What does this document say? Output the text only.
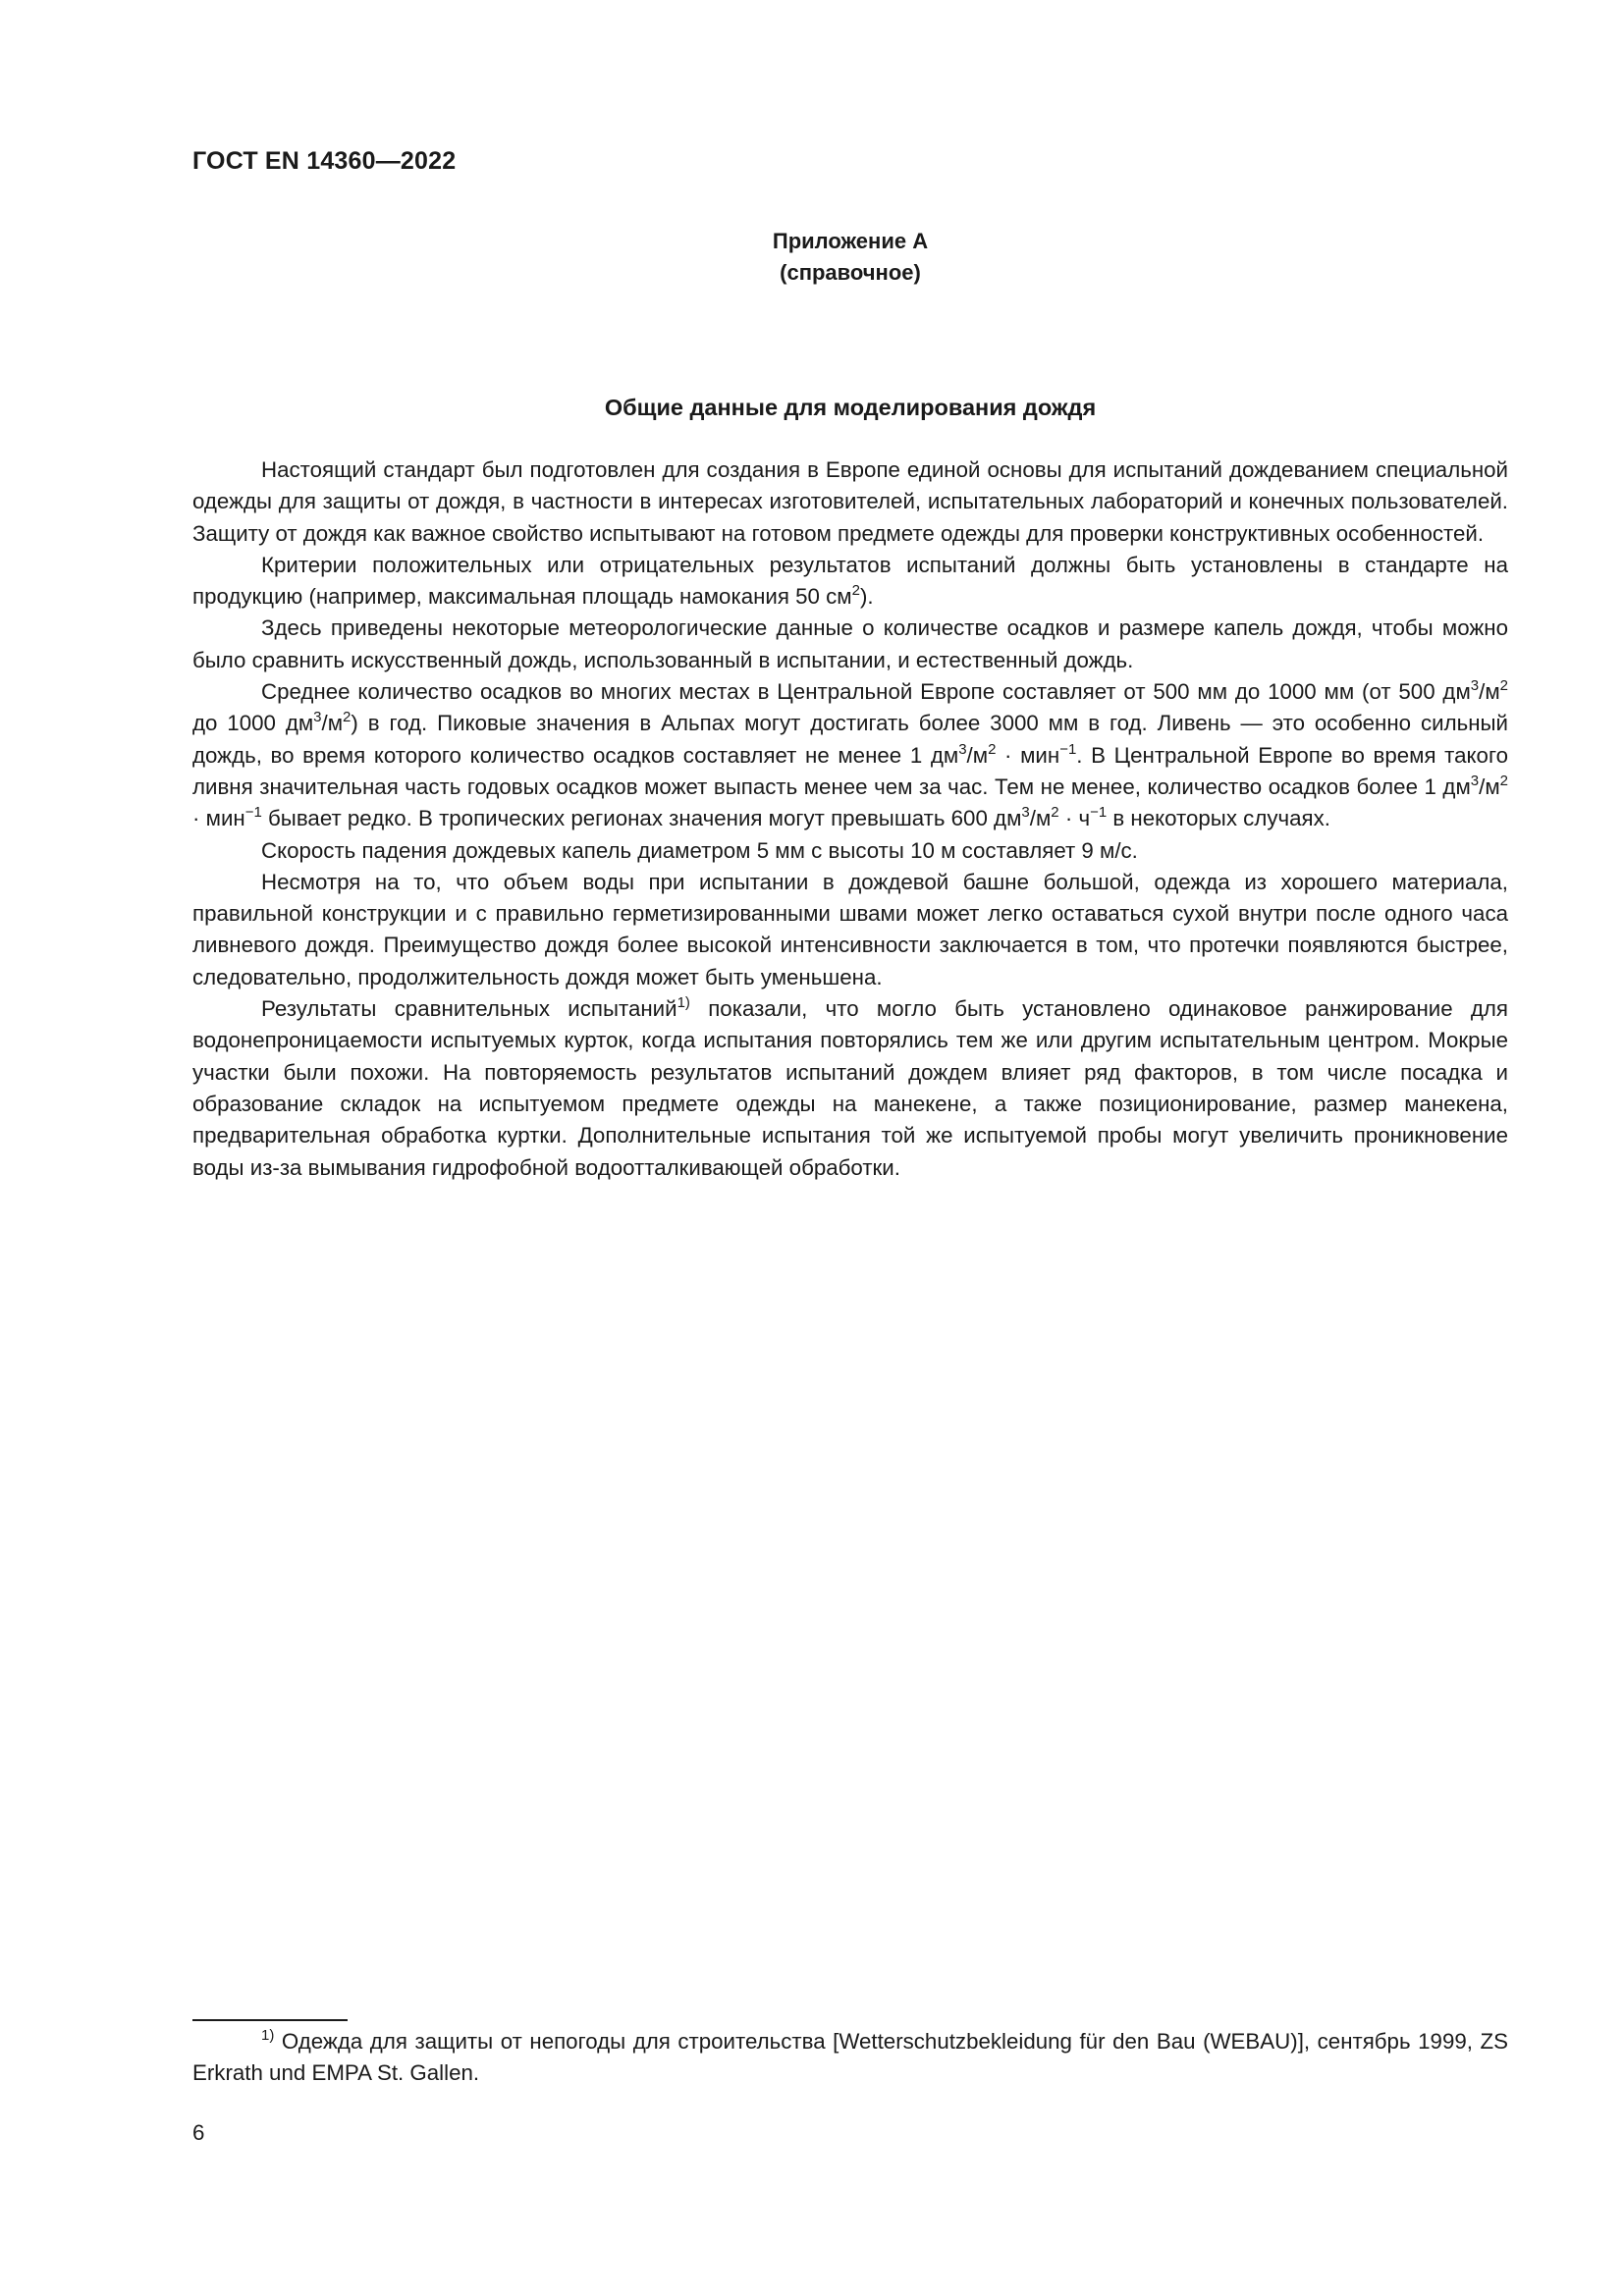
ГОСТ EN 14360—2022
Приложение А
(справочное)
Общие данные для моделирования дождя

Настоящий стандарт был подготовлен для создания в Европе единой основы для испытаний дождеванием специальной одежды для защиты от дождя, в частности в интересах изготовителей, испытательных лабораторий и конечных пользователей. Защиту от дождя как важное свойство испытывают на готовом предмете одежды для проверки конструктивных особенностей.

Критерии положительных или отрицательных результатов испытаний должны быть установлены в стандарте на продукцию (например, максимальная площадь намокания 50 $см^2$).

Здесь приведены некоторые метеорологические данные о количестве осадков и размере капель дождя, чтобы можно было сравнить искусственный дождь, использованный в испытании, и естественный дождь.

Среднее количество осадков во многих местах в Центральной Европе составляет от 500 мм до 1000 мм (от 500 $дм^3/м^2$ до 1000 $дм^3/м^2$) в год. Пиковые значения в Альпах могут достигать более 3000 мм в год. Ливень — это особенно сильный дождь, во время которого количество осадков составляет не менее 1 $дм^3/м^2 \cdot мин^{-1}$. В Центральной Европе во время такого ливня значительная часть годовых осадков может выпасть менее чем за час. Тем не менее, количество осадков более 1 $дм^3/м^2 \cdot мин^{-1}$ бывает редко. В тропических регионах значения могут превышать 600 $дм^3/м^2 \cdot ч^{-1}$ в некоторых случаях.

Скорость падения дождевых капель диаметром 5 мм с высоты 10 м составляет 9 м/с.

Несмотря на то, что объем воды при испытании в дождевой башне большой, одежда из хорошего материала, правильной конструкции и с правильно герметизированными швами может легко оставаться сухой внутри после одного часа ливневого дождя. Преимущество дождя более высокой интенсивности заключается в том, что протечки появляются быстрее, следовательно, продолжительность дождя может быть уменьшена.

Результаты сравнительных испытаний$^{1)}$ показали, что могло быть установлено одинаковое ранжирование для водонепроницаемости испытуемых курток, когда испытания повторялись тем же или другим испытательным центром. Мокрые участки были похожи. На повторяемость результатов испытаний дождем влияет ряд факторов, в том числе посадка и образование складок на испытуемом предмете одежды на манекене, а также позиционирование, размер манекена, предварительная обработка куртки. Дополнительные испытания той же испытуемой пробы могут увеличить проникновение воды из-за вымывания гидрофобной водоотталкивающей обработки.

$^{1)}$ Одежда для защиты от непогоды для строительства [Wetterschutzbekleidung für den Bau (WEBAU)], сентябрь 1999, ZS Erkrath und EMPA St. Gallen.

6
